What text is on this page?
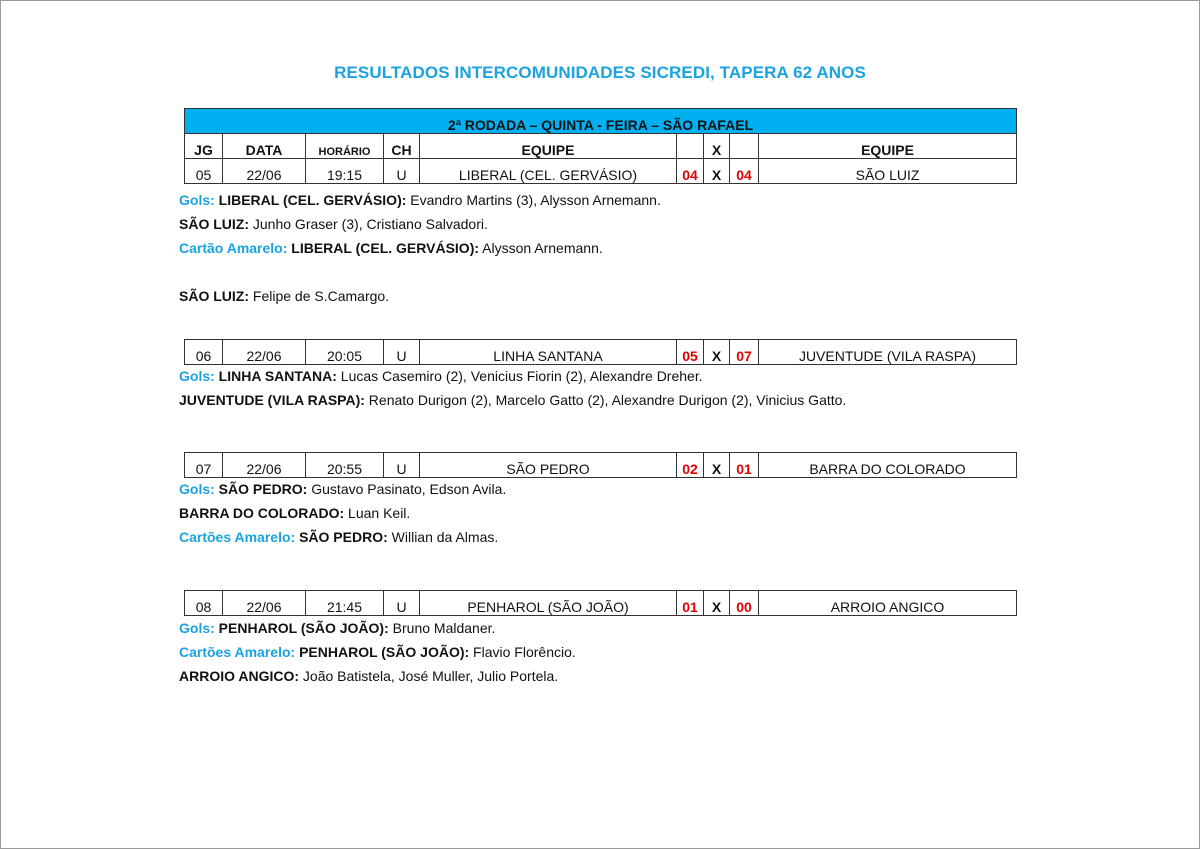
RESULTADOS INTERCOMUNIDADES SICREDI, TAPERA 62 ANOS
2ª RODADA – QUINTA - FEIRA – SÃO RAFAEL								
JG	DATA	HORÁRIO	CH	EQUIPE		X		EQUIPE
05	22/06	19:15	U	LIBERAL (CEL. GERVÁSIO)	04	X	04	SÃO LUIZ
Gols: LIBERAL (CEL. GERVÁSIO): Evandro Martins (3), Alysson Arnemann.
SÃO LUIZ: Junho Graser (3), Cristiano Salvadori.
Cartão Amarelo: LIBERAL (CEL. GERVÁSIO): Alysson Arnemann.
SÃO LUIZ: Felipe de S.Camargo.
06	22/06	20:05	U	LINHA SANTANA	05	X	07	JUVENTUDE (VILA RASPA)
Gols: LINHA SANTANA: Lucas Casemiro (2), Venicius Fiorin (2), Alexandre Dreher.
JUVENTUDE (VILA RASPA): Renato Durigon (2), Marcelo Gatto (2), Alexandre Durigon (2), Vinicius Gatto.
07	22/06	20:55	U	SÃO PEDRO	02	X	01	BARRA DO COLORADO
Gols: SÃO PEDRO: Gustavo Pasinato, Edson Avila.
BARRA DO COLORADO: Luan Keil.
Cartões Amarelo: SÃO PEDRO: Willian da Almas.
08	22/06	21:45	U	PENHAROL (SÃO JOÃO)	01	X	00	ARROIO ANGICO
Gols: PENHAROL (SÃO JOÃO): Bruno Maldaner.
Cartões Amarelo: PENHAROL (SÃO JOÃO): Flavio Florêncio.
ARROIO ANGICO: João Batistela, José Muller, Julio Portela.
